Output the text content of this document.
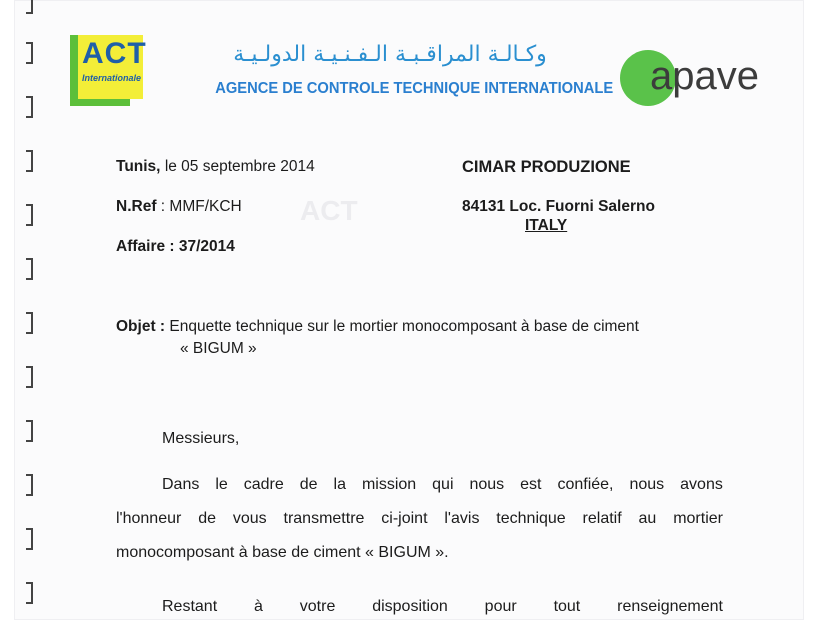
ACT
Internationale
وكـالـة المراقـبـة الـفـنـيـة الدولـيـة
AGENCE DE CONTROLE TECHNIQUE INTERNATIONALE apave
ACT
Tunis, le 05 septembre 2014
N.Ref : MMF/KCH
Affaire : 37/2014
CIMAR PRODUZIONE
84131 Loc. Fuorni Salerno
ITALY
Objet : Enquette technique sur le mortier monocomposant à base de ciment
« BIGUM »
Messieurs,
Dans le cadre de la mission qui nous est confiée, nous avons
l'honneur de vous transmettre ci-joint l'avis technique relatif au mortier
monocomposant à base de ciment « BIGUM ».
Restant à votre disposition pour tout renseignement
